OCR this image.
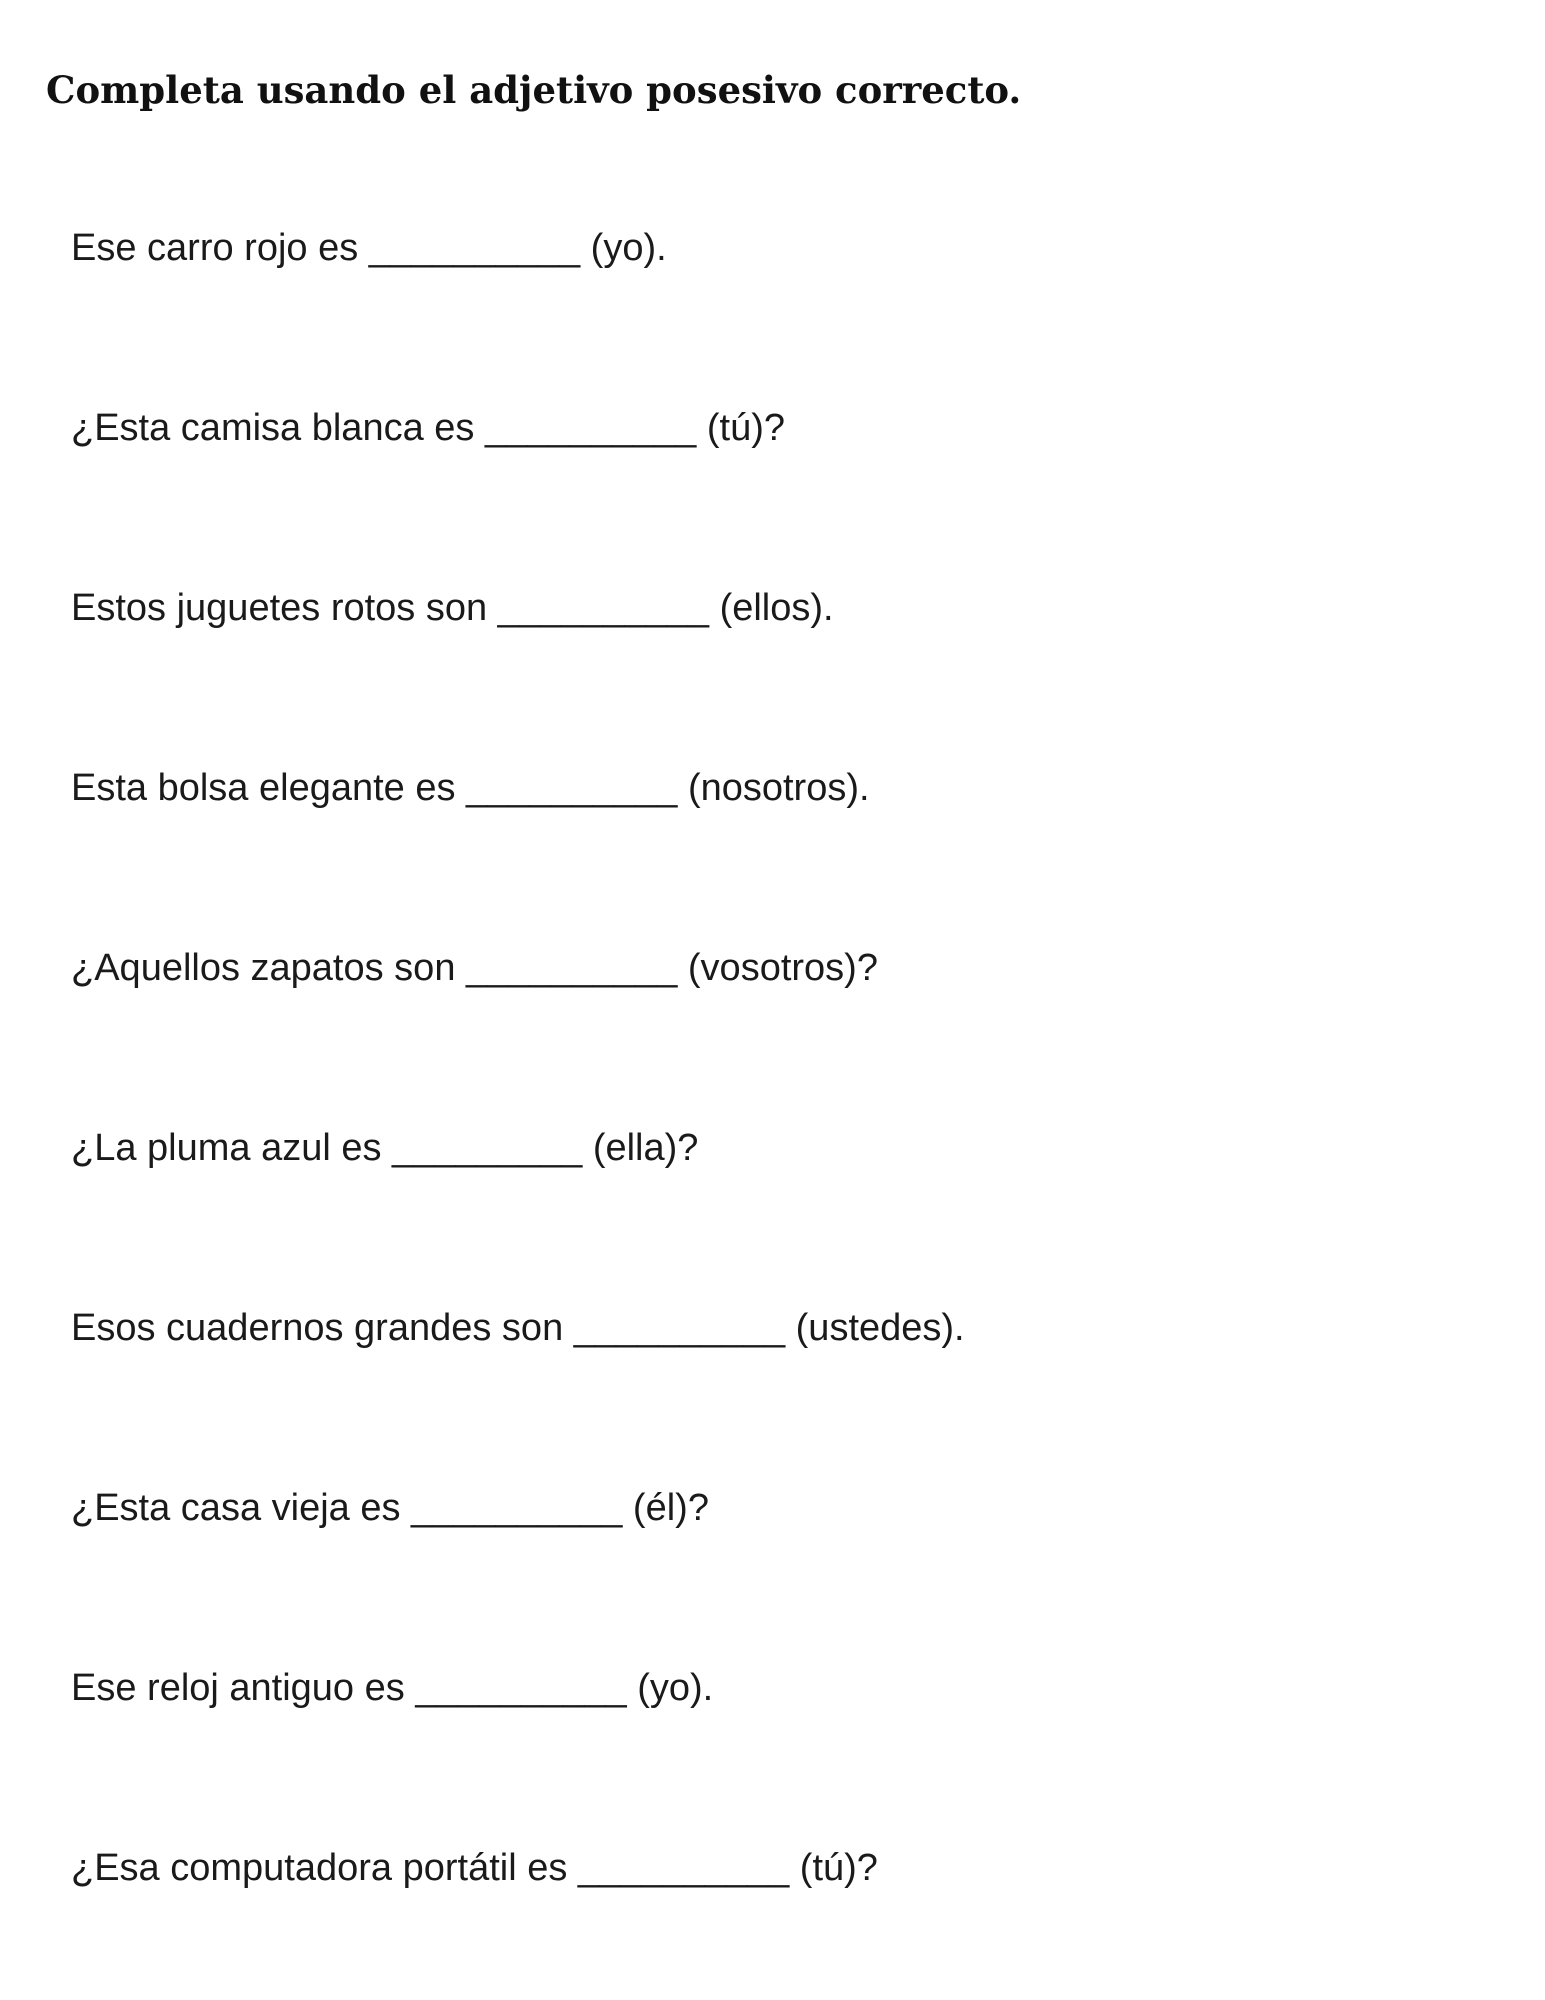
Completa usando el adjetivo posesivo correcto.
Ese carro rojo es __________ (yo).
¿Esta camisa blanca es __________ (tú)?
Estos juguetes rotos son __________ (ellos).
Esta bolsa elegante es __________ (nosotros).
¿Aquellos zapatos son __________ (vosotros)?
¿La pluma azul es _________ (ella)?
Esos cuadernos grandes son __________ (ustedes).
¿Esta casa vieja es __________ (él)?
Ese reloj antiguo es __________ (yo).
¿Esa computadora portátil es __________ (tú)?
